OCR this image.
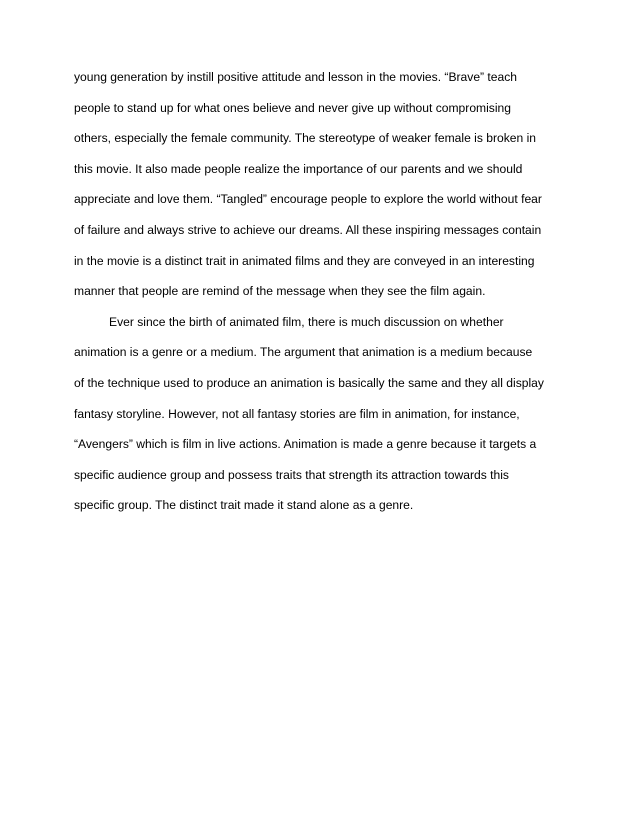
young generation by instill positive attitude and lesson in the movies. “Brave” teach
people to stand up for what ones believe and never give up without compromising
others, especially the female community. The stereotype of weaker female is broken in
this movie. It also made people realize the importance of our parents and we should
appreciate and love them. “Tangled” encourage people to explore the world without fear
of failure and always strive to achieve our dreams. All these inspiring messages contain
in the movie is a distinct trait in animated films and they are conveyed in an interesting
manner that people are remind of the message when they see the film again.
Ever since the birth of animated film, there is much discussion on whether
animation is a genre or a medium. The argument that animation is a medium because
of the technique used to produce an animation is basically the same and they all display
fantasy storyline. However, not all fantasy stories are film in animation, for instance,
“Avengers” which is film in live actions. Animation is made a genre because it targets a
specific audience group and possess traits that strength its attraction towards this
specific group. The distinct trait made it stand alone as a genre.
